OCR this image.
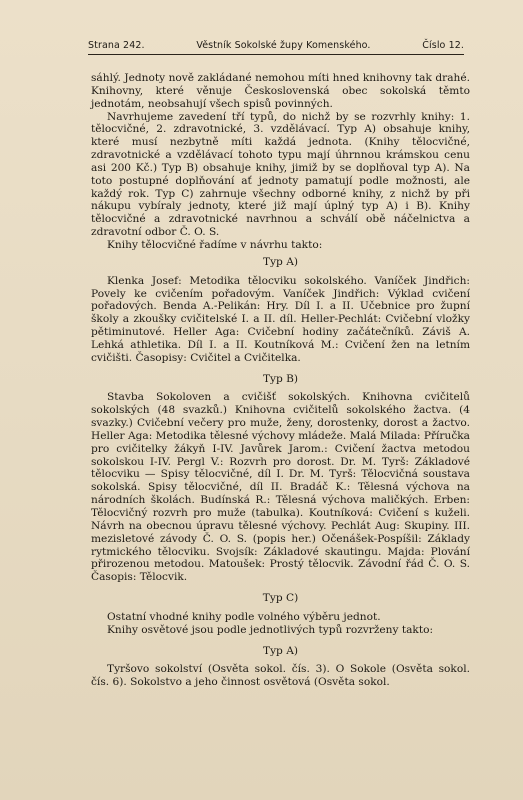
Strana 242.	Věstník Sokolské župy Komenského.	Číslo 12.

sáhlý. Jednoty nově zakládané nemohou míti hned knihovny tak drahé. Knihovny, které věnuje Československá obec sokolská těmto jednotám, neobsahují všech spisů povinných.

Navrhujeme zavedení tří typů, do nichž by se rozvrhly knihy: 1. tělocvičné, 2. zdravotnické, 3. vzdělávací. Typ A) obsahuje knihy, které musí nezbytně míti každá jednota. (Knihy tělocvičné, zdravotnické a vzdělávací tohoto typu mají úhrnnou krámskou cenu asi 200 Kč.) Typ B) obsahuje knihy, jimiž by se doplňoval typ A). Na toto postupné doplňování ať jednoty pamatují podle možnosti, ale každý rok. Typ C) zahrnuje všechny odborné knihy, z nichž by při nákupu vybíraly jednoty, které již mají úplný typ A) i B). Knihy tělocvičné a zdravotnické navrhnou a schválí obě náčelnictva a zdravotní odbor Č. O. S.

Knihy tělocvičné řadíme v návrhu takto:

Typ A)

Klenka Josef: Metodika tělocviku sokolského. Vaníček Jindřich: Povely ke cvičením pořadovým. Vaníček Jindřich: Výklad cvičení pořadových. Benda A.-Pelikán: Hry. Díl I. a II. Učebnice pro župní školy a zkoušky cvičitelské I. a II. díl. Heller-Pechlát: Cvičební vložky pětiminutové. Heller Aga: Cvičební hodiny začátečníků. Záviš A. Lehká athletika. Díl I. a II. Koutníková M.: Cvičení žen na letním cvičišti. Časopisy: Cvičitel a Cvičitelka.

Typ B)

Stavba Sokoloven a cvičišť sokolských. Knihovna cvičitelů sokolských (48 svazků.) Knihovna cvičitelů sokolského žactva. (4 svazky.) Cvičební večery pro muže, ženy, dorostenky, dorost a žactvo. Heller Aga: Metodika tělesné výchovy mládeže. Malá Milada: Příručka pro cvičitelky žákyň I-IV. Javůrek Jarom.: Cvičení žactva metodou sokolskou I-IV. Pergl V.: Rozvrh pro dorost. Dr. M. Tyrš: Základové tělocviku — Spisy tělocvičné, díl I. Dr. M. Tyrš: Tělocvičná soustava sokolská. Spisy tělocvičné, díl II. Bradáč K.: Tělesná výchova na národních školách. Budínská R.: Tělesná výchova maličkých. Erben: Tělocvičný rozvrh pro muže (tabulka). Koutníková: Cvičení s kuželi. Návrh na obecnou úpravu tělesné výchovy. Pechlát Aug: Skupiny. III. mezisletové závody Č. O. S. (popis her.) Očenášek-Pospíšil: Základy rytmického tělocviku. Svojsík: Základové skautingu. Majda: Plování přirozenou metodou. Matoušek: Prostý tělocvik. Závodní řád Č. O. S. Časopis: Tělocvik.

Typ C)

Ostatní vhodné knihy podle volného výběru jednot.

Knihy osvětové jsou podle jednotlivých typů rozvrženy takto:

Typ A)

Tyršovo sokolství (Osvěta sokol. čís. 3). O Sokole (Osvěta sokol. čís. 6). Sokolstvo a jeho činnost osvětová (Osvěta sokol.
